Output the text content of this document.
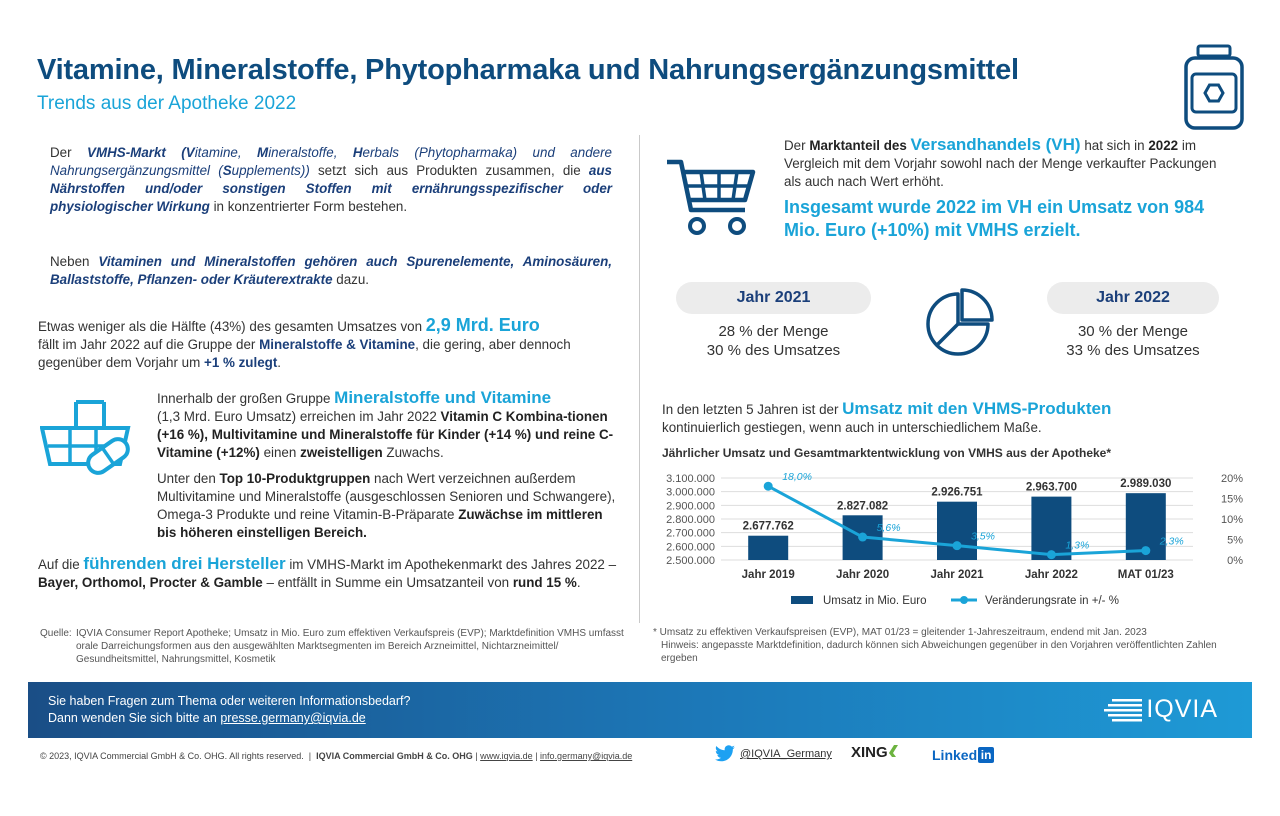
Vitamine, Mineralstoffe, Phytopharmaka und Nahrungsergänzungsmittel
Trends aus der Apotheke 2022
Der VMHS-Markt (Vitamine, Mineralstoffe, Herbals (Phytopharmaka) und andere Nahrungsergänzungsmittel (Supplements)) setzt sich aus Produkten zusammen, die aus Nährstoffen und/oder sonstigen Stoffen mit ernährungsspezifischer oder physiologischer Wirkung in konzentrierter Form bestehen.
Neben Vitaminen und Mineralstoffen gehören auch Spurenelemente, Aminosäuren, Ballaststoffe, Pflanzen- oder Kräuterextrakte dazu.
Etwas weniger als die Hälfte (43%) des gesamten Umsatzes von 2,9 Mrd. Euro
fällt im Jahr 2022 auf die Gruppe der Mineralstoffe & Vitamine, die gering, aber dennoch gegenüber dem Vorjahr um +1 % zulegt.
Innerhalb der großen Gruppe Mineralstoffe und Vitamine
(1,3 Mrd. Euro Umsatz) erreichen im Jahr 2022 Vitamin C Kombina-tionen (+16 %), Multivitamine und Mineralstoffe für Kinder (+14 %) und reine C-Vitamine (+12%) einen zweistelligen Zuwachs.
Unter den Top 10-Produktgruppen nach Wert verzeichnen außerdem Multivitamine und Mineralstoffe (ausgeschlossen Senioren und Schwangere), Omega-3 Produkte und reine Vitamin-B-Präparate Zuwächse im mittleren bis höheren einstelligen Bereich.
Auf die führenden drei Hersteller im VMHS-Markt im Apothekenmarkt des Jahres 2022 – Bayer, Orthomol, Procter & Gamble – entfällt in Summe ein Umsatzanteil von rund 15 %.
Quelle: IQVIA Consumer Report Apotheke; Umsatz in Mio. Euro zum effektiven Verkaufspreis (EVP); Marktdefinition VMHS umfasst orale Darreichungsformen aus den ausgewählten Marktsegmenten im Bereich Arzneimittel, Nichtarzneimittel/ Gesundheitsmittel, Nahrungsmittel, Kosmetik
Der Marktanteil des Versandhandels (VH) hat sich in 2022 im Vergleich mit dem Vorjahr sowohl nach der Menge verkaufter Packungen als auch nach Wert erhöht.
Insgesamt wurde 2022 im VH ein Umsatz von 984 Mio. Euro (+10%) mit VMHS erzielt.
Jahr 2021
28 % der Menge
30 % des Umsatzes
Jahr 2022
30 % der Menge
33 % des Umsatzes
In den letzten 5 Jahren ist der Umsatz mit den VHMS-Produkten
kontinuierlich gestiegen, wenn auch in unterschiedlichem Maße.
Jährlicher Umsatz und Gesamtmarktentwicklung von VMHS aus der Apotheke*
2.500.000
2.600.000
2.700.000
2.800.000
2.900.000
3.000.000
3.100.000
0%
5%
10%
15%
20%
2.677.762
Jahr 2019
2.827.082
Jahr 2020
2.926.751
Jahr 2021
2.963.700
Jahr 2022
2.989.030
MAT 01/23
18,0%
5,6%
3,5%
1,3%	2,3%
Umsatz in Mio. Euro	Veränderungsrate in +/- %
* Umsatz zu effektiven Verkaufspreisen (EVP), MAT 01/23 = gleitender 1-Jahreszeitraum, endend mit Jan. 2023
Hinweis: angepasste Marktdefinition, dadurch können sich Abweichungen gegenüber in den Vorjahren veröffentlichten Zahlen ergeben
Sie haben Fragen zum Thema oder weiteren Informationsbedarf?
Dann wenden Sie sich bitte an presse.germany@iqvia.de	IQVIA
© 2023, IQVIA Commercial GmbH & Co. OHG. All rights reserved.  |  IQVIA Commercial GmbH & Co. OHG | www.iqvia.de | info.germany@iqvia.de	@IQVIA_Germany XING	Linked in
